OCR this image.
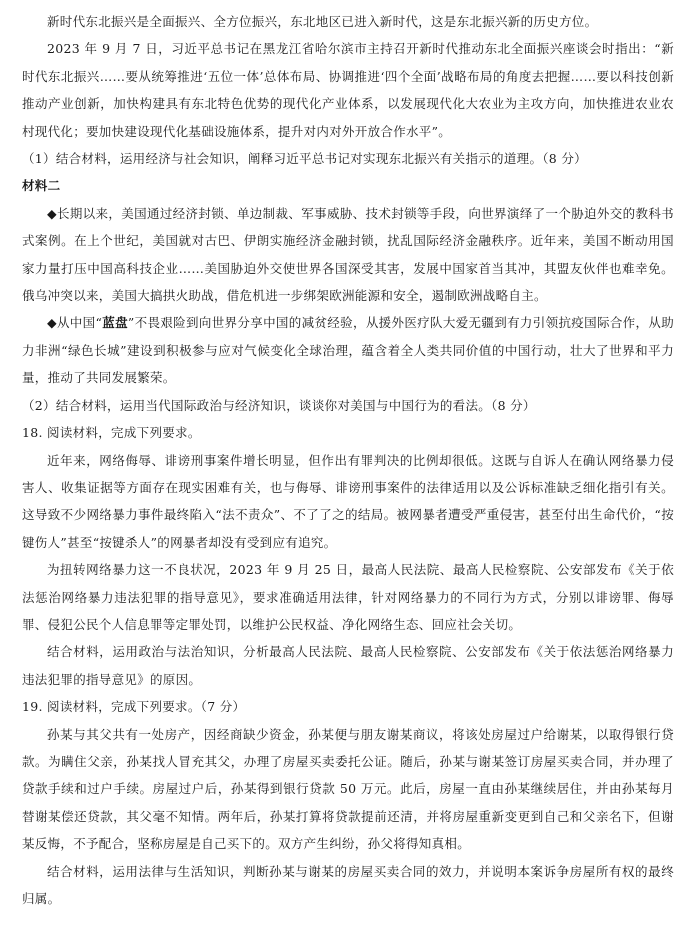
新时代东北振兴是全面振兴、全方位振兴，东北地区已进入新时代，这是东北振兴新的历史方位。

2023 年 9 月 7 日，习近平总书记在黑龙江省哈尔滨市主持召开新时代推动东北全面振兴座谈会时指出：“新时代东北振兴……要从统筹推进‘五位一体’总体布局、协调推进‘四个全面’战略布局的角度去把握……要以科技创新推动产业创新，加快构建具有东北特色优势的现代化产业体系，以发展现代化大农业为主攻方向，加快推进农业农村现代化；要加快建设现代化基础设施体系，提升对内对外开放合作水平”。

（1）结合材料，运用经济与社会知识，阐释习近平总书记对实现东北振兴有关指示的道理。（8 分）

材料二

◆长期以来，美国通过经济封锁、单边制裁、军事威胁、技术封锁等手段，向世界演绎了一个胁迫外交的教科书式案例。在上个世纪，美国就对古巴、伊朗实施经济金融封锁，扰乱国际经济金融秩序。近年来，美国不断动用国家力量打压中国高科技企业……美国胁迫外交使世界各国深受其害，发展中国家首当其冲，其盟友伙伴也难幸免。俄乌冲突以来，美国大搞拱火助战，借危机进一步绑架欧洲能源和安全，遏制欧洲战略自主。

◆从中国“蓝盘”不畏艰险到向世界分享中国的减贫经验，从援外医疗队大爱无疆到有力引领抗疫国际合作，从助力非洲“绿色长城”建设到积极参与应对气候变化全球治理，蕴含着全人类共同价值的中国行动，壮大了世界和平力量，推动了共同发展繁荣。

（2）结合材料，运用当代国际政治与经济知识，谈谈你对美国与中国行为的看法。（8 分）

18. 阅读材料，完成下列要求。

近年来，网络侮辱、诽谤刑事案件增长明显，但作出有罪判决的比例却很低。这既与自诉人在确认网络暴力侵害人、收集证据等方面存在现实困难有关，也与侮辱、诽谤刑事案件的法律适用以及公诉标准缺乏细化指引有关。这导致不少网络暴力事件最终陷入“法不责众”、不了了之的结局。被网暴者遭受严重侵害，甚至付出生命代价，“按键伤人”甚至“按键杀人”的网暴者却没有受到应有追究。

为扭转网络暴力这一不良状况，2023 年 9 月 25 日，最高人民法院、最高人民检察院、公安部发布《关于依法惩治网络暴力违法犯罪的指导意见》，要求准确适用法律，针对网络暴力的不同行为方式，分别以诽谤罪、侮辱罪、侵犯公民个人信息罪等定罪处罚，以维护公民权益、净化网络生态、回应社会关切。

结合材料，运用政治与法治知识，分析最高人民法院、最高人民检察院、公安部发布《关于依法惩治网络暴力违法犯罪的指导意见》的原因。

19. 阅读材料，完成下列要求。（7 分）

孙某与其父共有一处房产，因经商缺少资金，孙某便与朋友谢某商议，将该处房屋过户给谢某，以取得银行贷款。为瞒住父亲，孙某找人冒充其父，办理了房屋买卖委托公证。随后，孙某与谢某签订房屋买卖合同，并办理了贷款手续和过户手续。房屋过户后，孙某得到银行贷款 50 万元。此后，房屋一直由孙某继续居住，并由孙某每月替谢某偿还贷款，其父毫不知情。两年后，孙某打算将贷款提前还清，并将房屋重新变更到自己和父亲名下，但谢某反悔，不予配合，坚称房屋是自己买下的。双方产生纠纷，孙父将得知真相。

结合材料，运用法律与生活知识，判断孙某与谢某的房屋买卖合同的效力，并说明本案诉争房屋所有权的最终归属。
